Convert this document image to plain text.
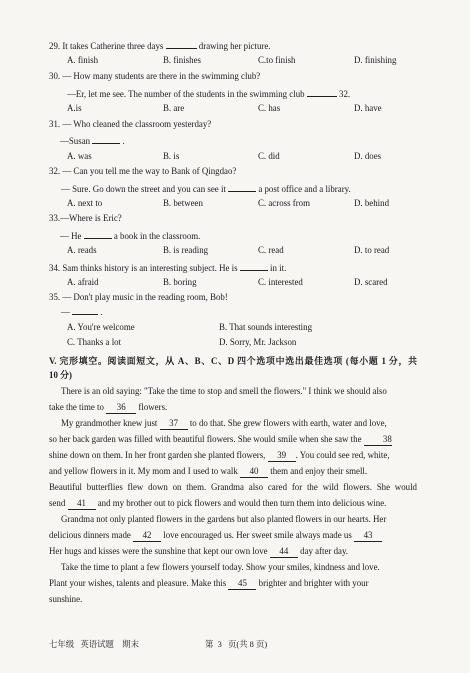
29. It takes Catherine three days	drawing her picture.
A. finish	B. finishes	C.to finish	D. finishing
30. — How many students are there in the swimming club?
—Er, let me see. The number of the students in the swimming club	32.
A.is	B. are	C. has	D. have
31. — Who cleaned the classroom yesterday?
—Susan	.
A. was	B. is	C. did	D. does
32. — Can you tell me the way to Bank of Qingdao?
— Sure. Go down the street and you can see it	a post office and a library.
A. next to	B. between	C. across from	D. behind
33.—Where is Eric?
— He	a book in the classroom.
A. reads	B. is reading	C. read	D. to read
34. Sam thinks history is an interesting subject. He is	in it.
A. afraid	B. boring	C. interested	D. scared
35. — Don't play music in the reading room, Bob!
—	.
A. You're welcome	B. That sounds interesting
C. Thanks a lot	D. Sorry, Mr. Jackson
V. 完形填空。阅读面短文，从 A、B、C、D 四个选项中选出最佳选项 (每小题 1 分，共
10 分)
There is an old saying: "Take the time to stop and smell the flowers." I think we should also
take the time to 36 flowers.
My grandmother knew just 37 to do that. She grew flowers with earth, water and love,
so her back garden was filled with beautiful flowers. She would smile when she saw the 38
shine down on them. In her front garden she planted flowers, 39 . You could see red, white,
and yellow flowers in it. My mom and I used to walk 40 them and enjoy their smell.
Beautiful butterflies flew down on them. Grandma also cared for the wild flowers. She would
send 41 and my brother out to pick flowers and would then turn them into delicious wine.
Grandma not only planted flowers in the gardens but also planted flowers in our hearts. Her
delicious dinners made 42 love encouraged us. Her sweet smile always made us 43
Her hugs and kisses were the sunshine that kept our own love 44 day after day.
Take the time to plant a few flowers yourself today. Show your smiles, kindness and love.
Plant your wishes, talents and pleasure. Make this 45 brighter and brighter with your
sunshine.
七年级 英语试题 期末	第 3 页(共 8 页)
